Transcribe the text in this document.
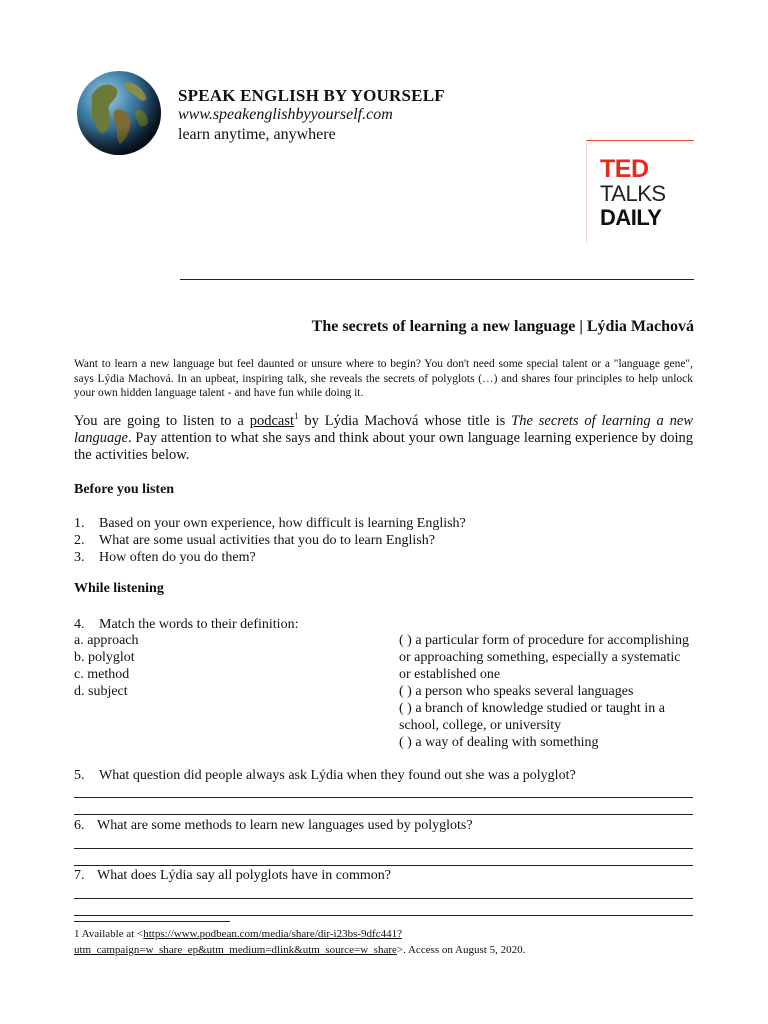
SPEAK ENGLISH BY YOURSELF
www.speakenglishbyyourself.com
learn anytime, anywhere
TED
TALKS
DAILY
The secrets of learning a new language | Lýdia Machová
Want to learn a new language but feel daunted or unsure where to begin? You don't need some special talent or a "language gene", says Lýdia Machová. In an upbeat, inspiring talk, she reveals the secrets of polyglots (…) and shares four principles to help unlock your own hidden language talent - and have fun while doing it.
You are going to listen to a podcast$^1$ by Lýdia Machová whose title is The secrets of learning a new language. Pay attention to what she says and think about your own language learning experience by doing the activities below.
Before you listen
1. Based on your own experience, how difficult is learning English?
2. What are some usual activities that you do to learn English?
3. How often do you do them?
While listening
4. Match the words to their definition:
a. approach
b. polyglot
c. method
d. subject
( ) a particular form of procedure for accomplishing or approaching something, especially a systematic or established one
( ) a person who speaks several languages
( ) a branch of knowledge studied or taught in a school, college, or university
( ) a way of dealing with something
5. What question did people always ask Lýdia when they found out she was a polyglot?
6. What are some methods to learn new languages used by polyglots?
7. What does Lýdia say all polyglots have in common?
1 Available at <https://www.podbean.com/media/share/dir-i23bs-9dfc441?
utm_campaign=w_share_ep&utm_medium=dlink&utm_source=w_share>. Access on August 5, 2020.
